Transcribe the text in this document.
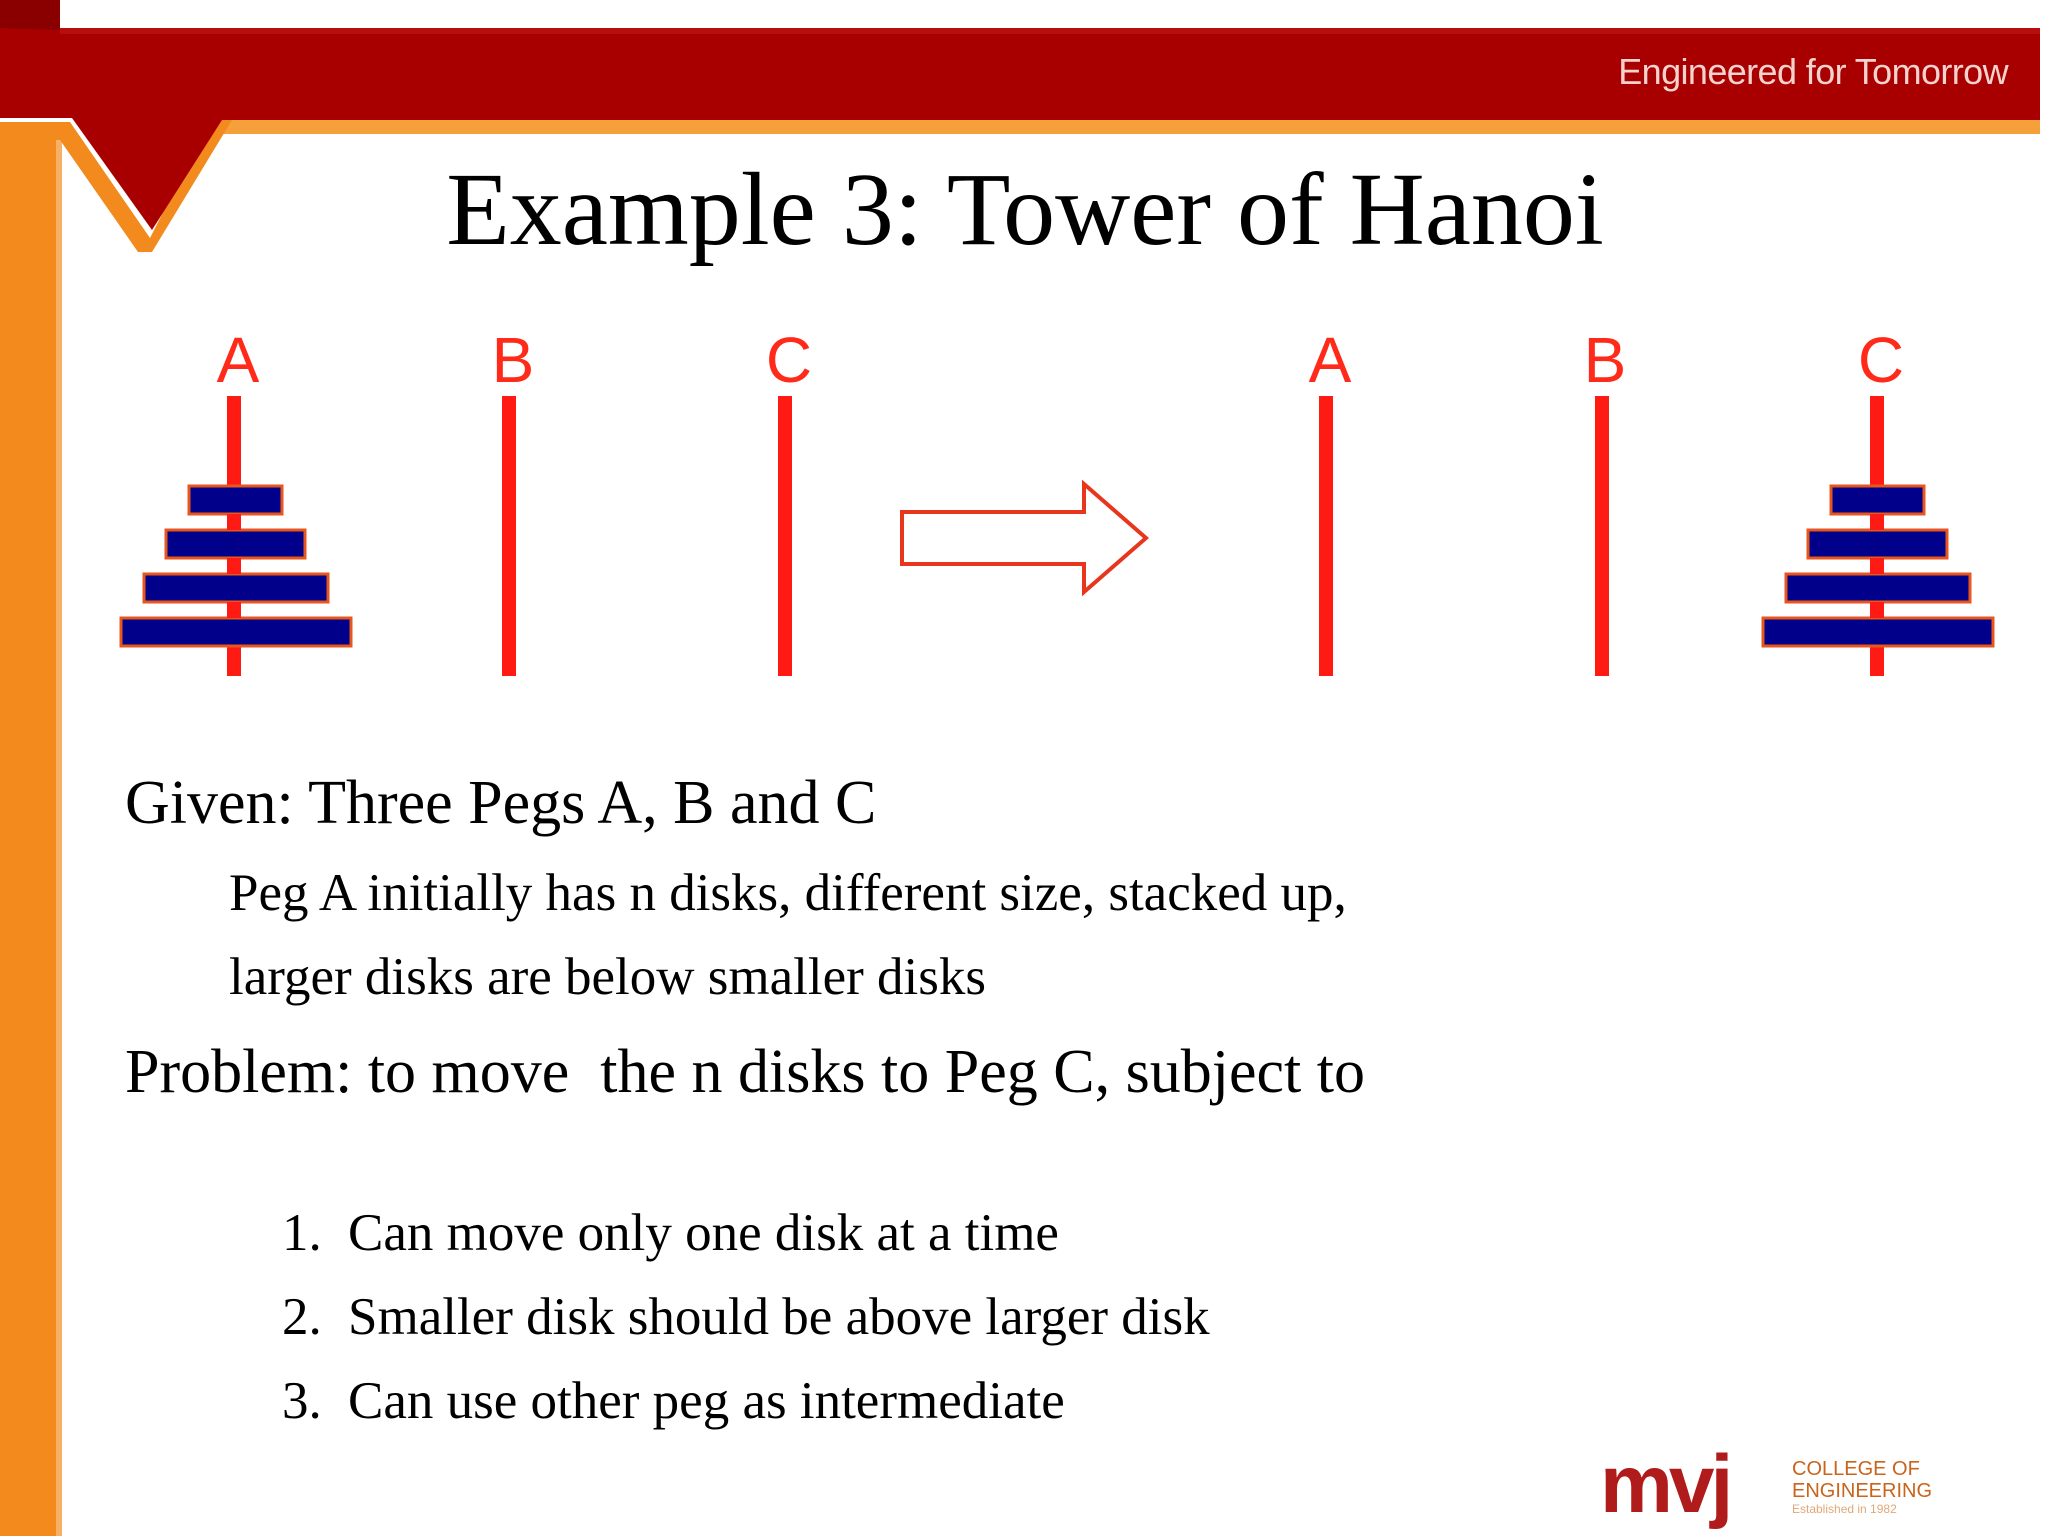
Engineered for Tomorrow
Example 3: Tower of Hanoi
A	B	C	A	B	C

Given: Three Pegs A, B and C

Peg A initially has n disks, different size, stacked up,

larger disks are below smaller disks

Problem: to move  the n disks to Peg C, subject to

1. Can move only one disk at a time

2. Smaller disk should be above larger disk

3. Can use other peg as intermediate

mvj	COLLEGE OF
ENGINEERING
Established in 1982
